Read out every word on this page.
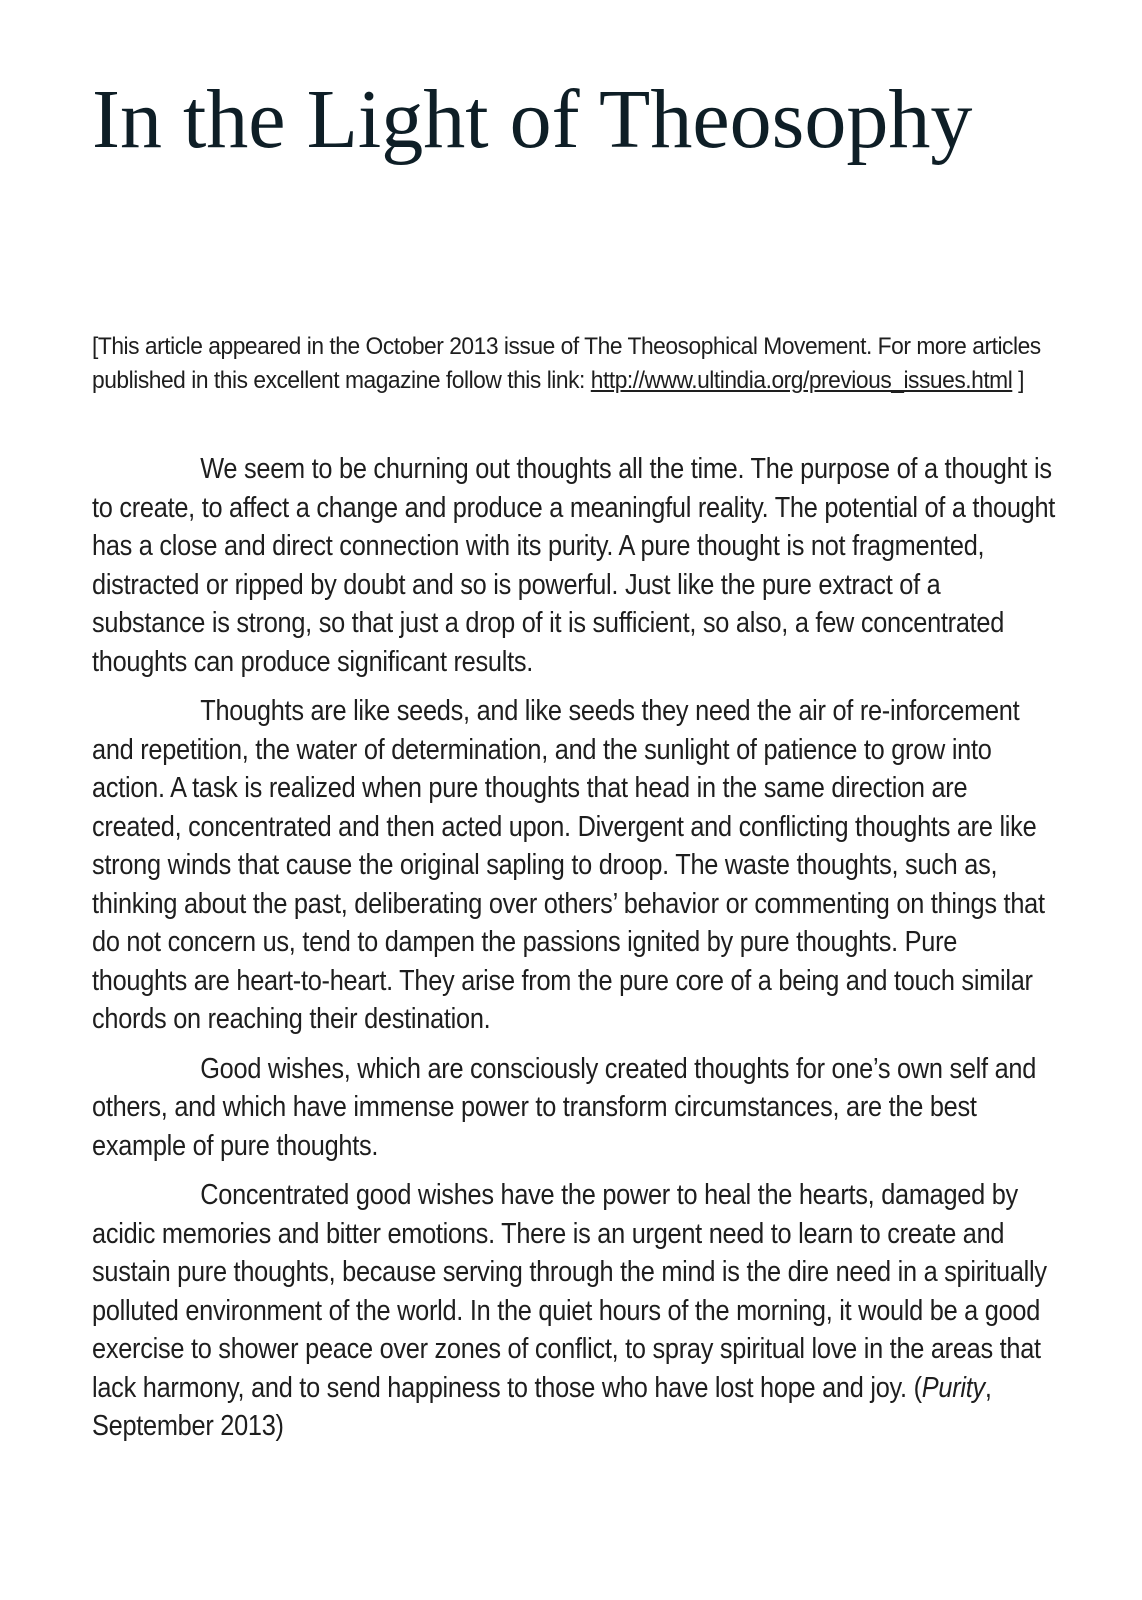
In the Light of Theosophy

[This article appeared in the October 2013 issue of The Theosophical Movement. For more articles published in this excellent magazine follow this link: http://www.ultindia.org/previous_issues.html ]

We seem to be churning out thoughts all the time. The purpose of a thought is to create, to affect a change and produce a meaningful reality. The potential of a thought has a close and direct connection with its purity. A pure thought is not fragmented, distracted or ripped by doubt and so is powerful. Just like the pure extract of a substance is strong, so that just a drop of it is sufficient, so also, a few concentrated thoughts can produce significant results.

Thoughts are like seeds, and like seeds they need the air of re-inforcement and repetition, the water of determination, and the sunlight of patience to grow into action. A task is realized when pure thoughts that head in the same direction are created, concentrated and then acted upon. Divergent and conflicting thoughts are like strong winds that cause the original sapling to droop. The waste thoughts, such as, thinking about the past, deliberating over others’ behavior or commenting on things that do not concern us, tend to dampen the passions ignited by pure thoughts. Pure thoughts are heart-to-heart. They arise from the pure core of a being and touch similar chords on reaching their destination.

Good wishes, which are consciously created thoughts for one’s own self and others, and which have immense power to transform circumstances, are the best example of pure thoughts.

Concentrated good wishes have the power to heal the hearts, damaged by acidic memories and bitter emotions. There is an urgent need to learn to create and sustain pure thoughts, because serving through the mind is the dire need in a spiritually polluted environment of the world. In the quiet hours of the morning, it would be a good exercise to shower peace over zones of conflict, to spray spiritual love in the areas that lack harmony, and to send happiness to those who have lost hope and joy. (Purity, September 2013)
